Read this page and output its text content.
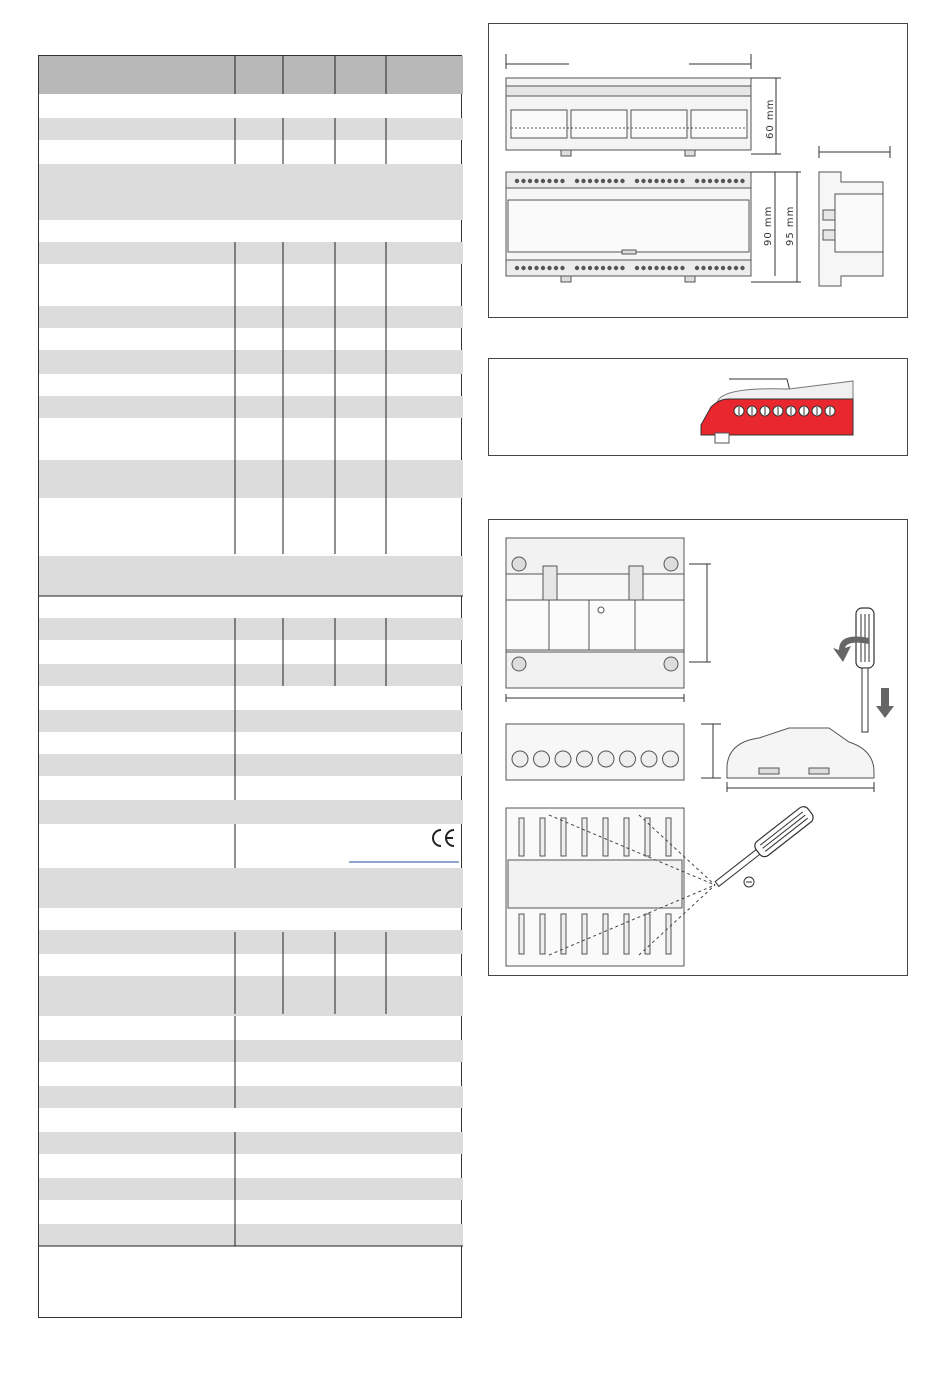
60 mm
90 mm 95 mm
